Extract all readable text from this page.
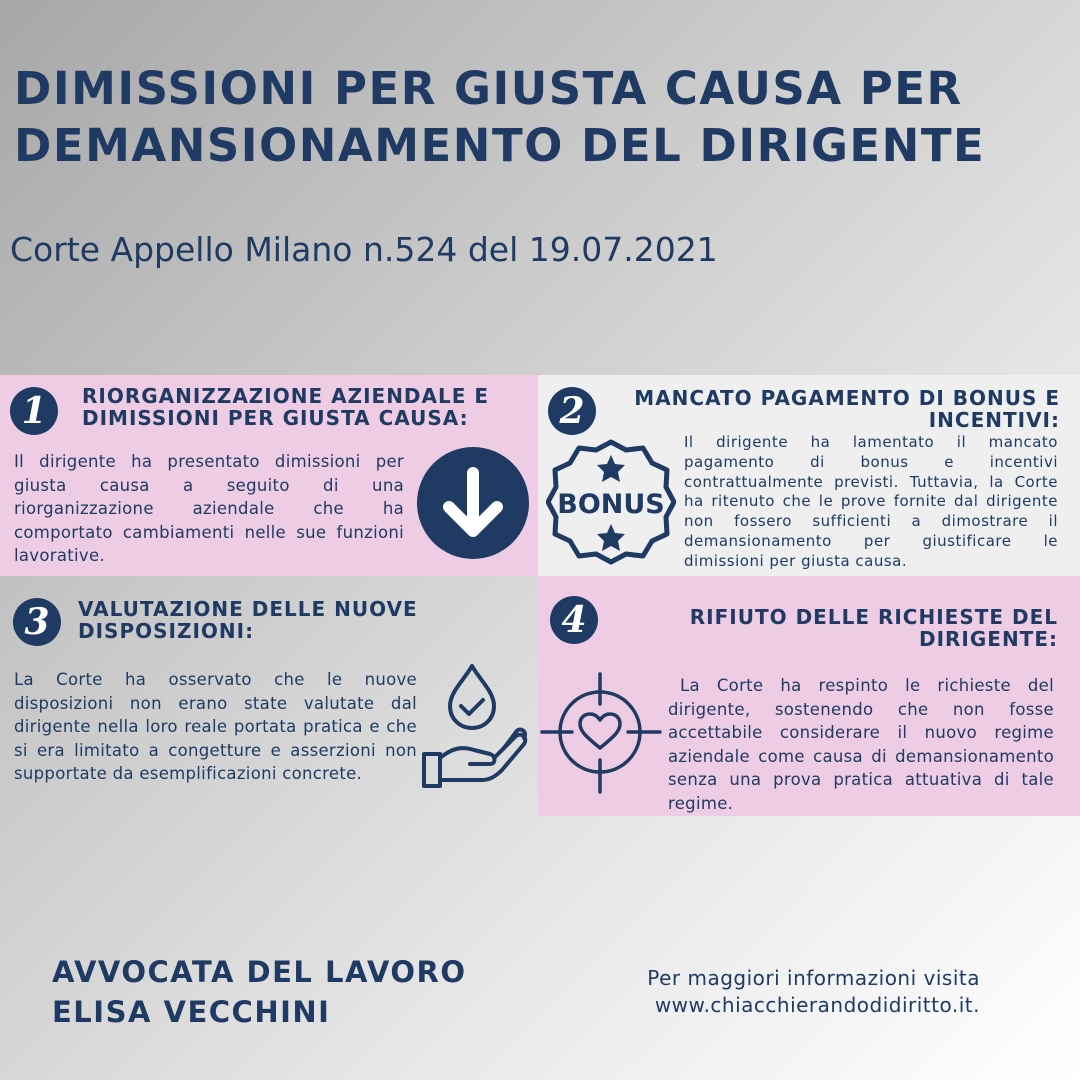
DIMISSIONI PER GIUSTA CAUSA PER
DEMANSIONAMENTO DEL DIRIGENTE
Corte Appello Milano n.524 del 19.07.2021
1	RIORGANIZZAZIONE AZIENDALE E
DIMISSIONI PER GIUSTA CAUSA:

Il dirigente ha presentato dimissioni per giusta causa a seguito di una riorganizzazione aziendale che ha comportato cambiamenti nelle sue funzioni lavorative.

2	MANCATO PAGAMENTO DI BONUS E
INCENTIVI:

BONUS

Il dirigente ha lamentato il mancato pagamento di bonus e incentivi contrattualmente previsti. Tuttavia, la Corte ha ritenuto che le prove fornite dal dirigente non fossero sufficienti a dimostrare il demansionamento per giustificare le dimissioni per giusta causa.

3	VALUTAZIONE DELLE NUOVE
DISPOSIZIONI:

La Corte ha osservato che le nuove disposizioni non erano state valutate dal dirigente nella loro reale portata pratica e che si era limitato a congetture e asserzioni non supportate da esemplificazioni concrete.

4	RIFIUTO DELLE RICHIESTE DEL
DIRIGENTE:

La Corte ha respinto le richieste del dirigente, sostenendo che non fosse accettabile considerare il nuovo regime aziendale come causa di demansionamento senza una prova pratica attuativa di tale regime.

AVVOCATA DEL LAVORO
ELISA VECCHINI
Per maggiori informazioni visita
www.chiacchierandodidiritto.it.
